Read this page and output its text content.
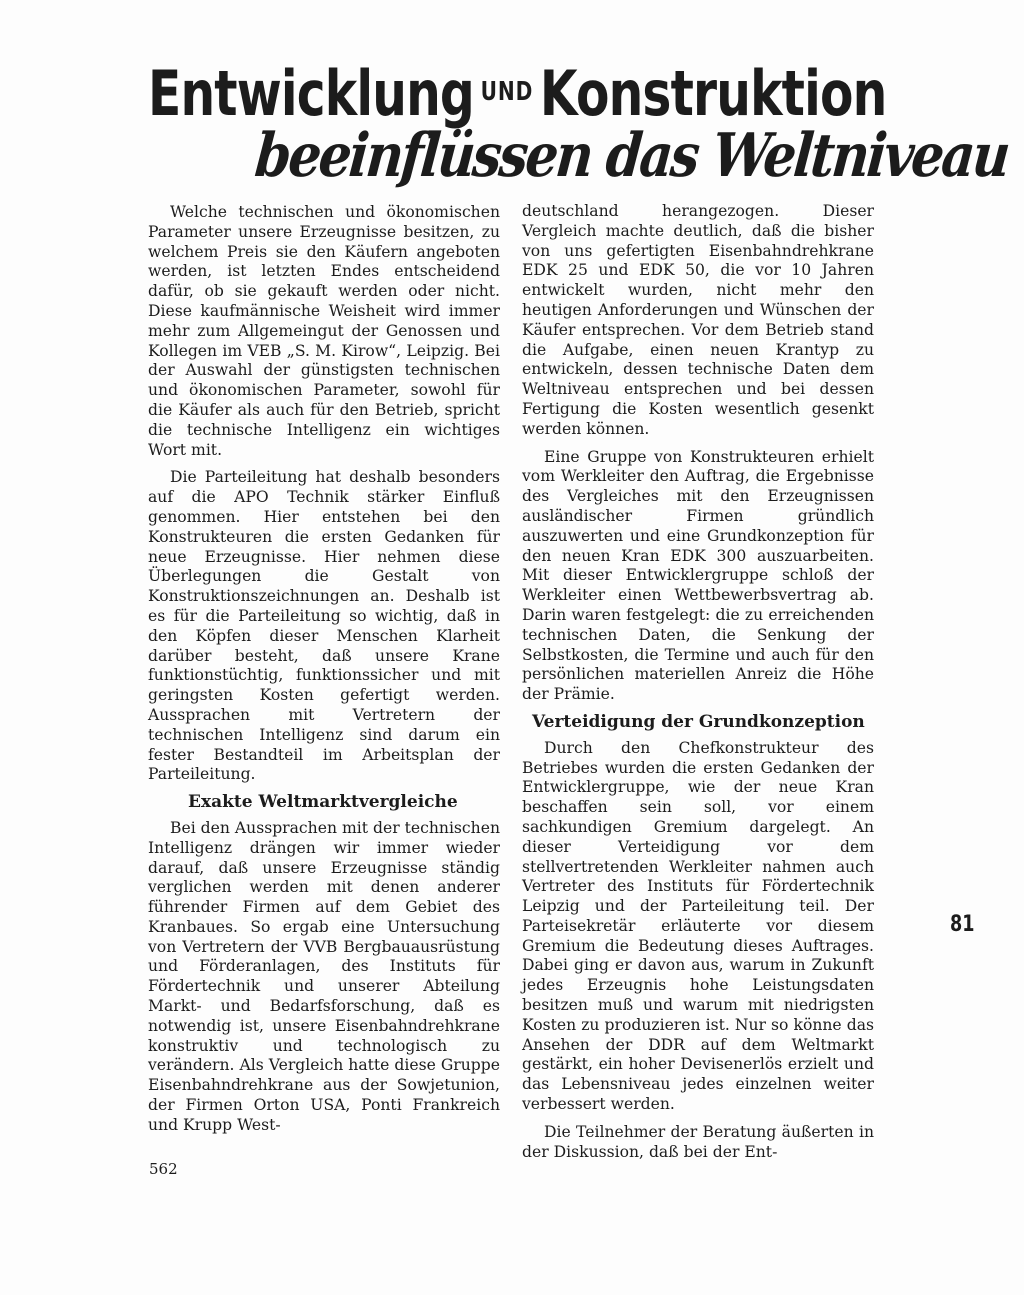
Entwicklung $^{UND}$ Konstruktion
beeinflüssen das Weltniveau

Welche technischen und ökonomischen Parameter unsere Erzeugnisse besitzen, zu welchem Preis sie den Käufern angeboten werden, ist letzten Endes entscheidend dafür, ob sie gekauft werden oder nicht. Diese kaufmännische Weisheit wird immer mehr zum Allgemeingut der Genossen und Kollegen im VEB „S. M. Kirow“, Leipzig. Bei der Auswahl der günstigsten technischen und ökonomischen Parameter, sowohl für die Käufer als auch für den Betrieb, spricht die technische Intelligenz ein wichtiges Wort mit.

Die Parteileitung hat deshalb besonders auf die APO Technik stärker Einfluß genommen. Hier entstehen bei den Konstrukteuren die ersten Gedanken für neue Erzeugnisse. Hier nehmen diese Überlegungen die Gestalt von Konstruktionszeichnungen an. Deshalb ist es für die Parteileitung so wichtig, daß in den Köpfen dieser Menschen Klarheit darüber besteht, daß unsere Krane funktionstüchtig, funktionssicher und mit geringsten Kosten gefertigt werden. Aussprachen mit Vertretern der technischen Intelligenz sind darum ein fester Bestandteil im Arbeitsplan der Parteileitung.

Exakte Weltmarktvergleiche

Bei den Aussprachen mit der technischen Intelligenz drängen wir immer wieder darauf, daß unsere Erzeugnisse ständig verglichen werden mit denen anderer führender Firmen auf dem Gebiet des Kranbaues. So ergab eine Untersuchung von Vertretern der VVB Bergbauausrüstung und Förderanlagen, des Instituts für Fördertechnik und unserer Abteilung Markt- und Bedarfsforschung, daß es notwendig ist, unsere Eisenbahndrehkrane konstruktiv und technologisch zu verändern. Als Vergleich hatte diese Gruppe Eisenbahndrehkrane aus der Sowjetunion, der Firmen Orton USA, Ponti Frankreich und Krupp West-

deutschland herangezogen. Dieser Vergleich machte deutlich, daß die bisher von uns gefertigten Eisenbahndrehkrane EDK 25 und EDK 50, die vor 10 Jahren entwickelt wurden, nicht mehr den heutigen Anforderungen und Wünschen der Käufer entsprechen. Vor dem Betrieb stand die Aufgabe, einen neuen Krantyp zu entwickeln, dessen technische Daten dem Weltniveau entsprechen und bei dessen Fertigung die Kosten wesentlich gesenkt werden können.

Eine Gruppe von Konstrukteuren erhielt vom Werkleiter den Auftrag, die Ergebnisse des Vergleiches mit den Erzeugnissen ausländischer Firmen gründlich auszuwerten und eine Grundkonzeption für den neuen Kran EDK 300 auszuarbeiten. Mit dieser Entwicklergruppe schloß der Werkleiter einen Wettbewerbsvertrag ab. Darin waren festgelegt: die zu erreichenden technischen Daten, die Senkung der Selbstkosten, die Termine und auch für den persönlichen materiellen Anreiz die Höhe der Prämie.

Verteidigung der Grundkonzeption

Durch den Chefkonstrukteur des Betriebes wurden die ersten Gedanken der Entwicklergruppe, wie der neue Kran beschaffen sein soll, vor einem sachkundigen Gremium dargelegt. An dieser Verteidigung vor dem stellvertretenden Werkleiter nahmen auch Vertreter des Instituts für Fördertechnik Leipzig und der Parteileitung teil. Der Parteisekretär erläuterte vor diesem Gremium die Bedeutung dieses Auftrages. Dabei ging er davon aus, warum in Zukunft jedes Erzeugnis hohe Leistungsdaten besitzen muß und warum mit niedrigsten Kosten zu produzieren ist. Nur so könne das Ansehen der DDR auf dem Weltmarkt gestärkt, ein hoher Devisenerlös erzielt und das Lebensniveau jedes einzelnen weiter verbessert werden.

Die Teilnehmer der Beratung äußerten in der Diskussion, daß bei der Ent-

562
81
